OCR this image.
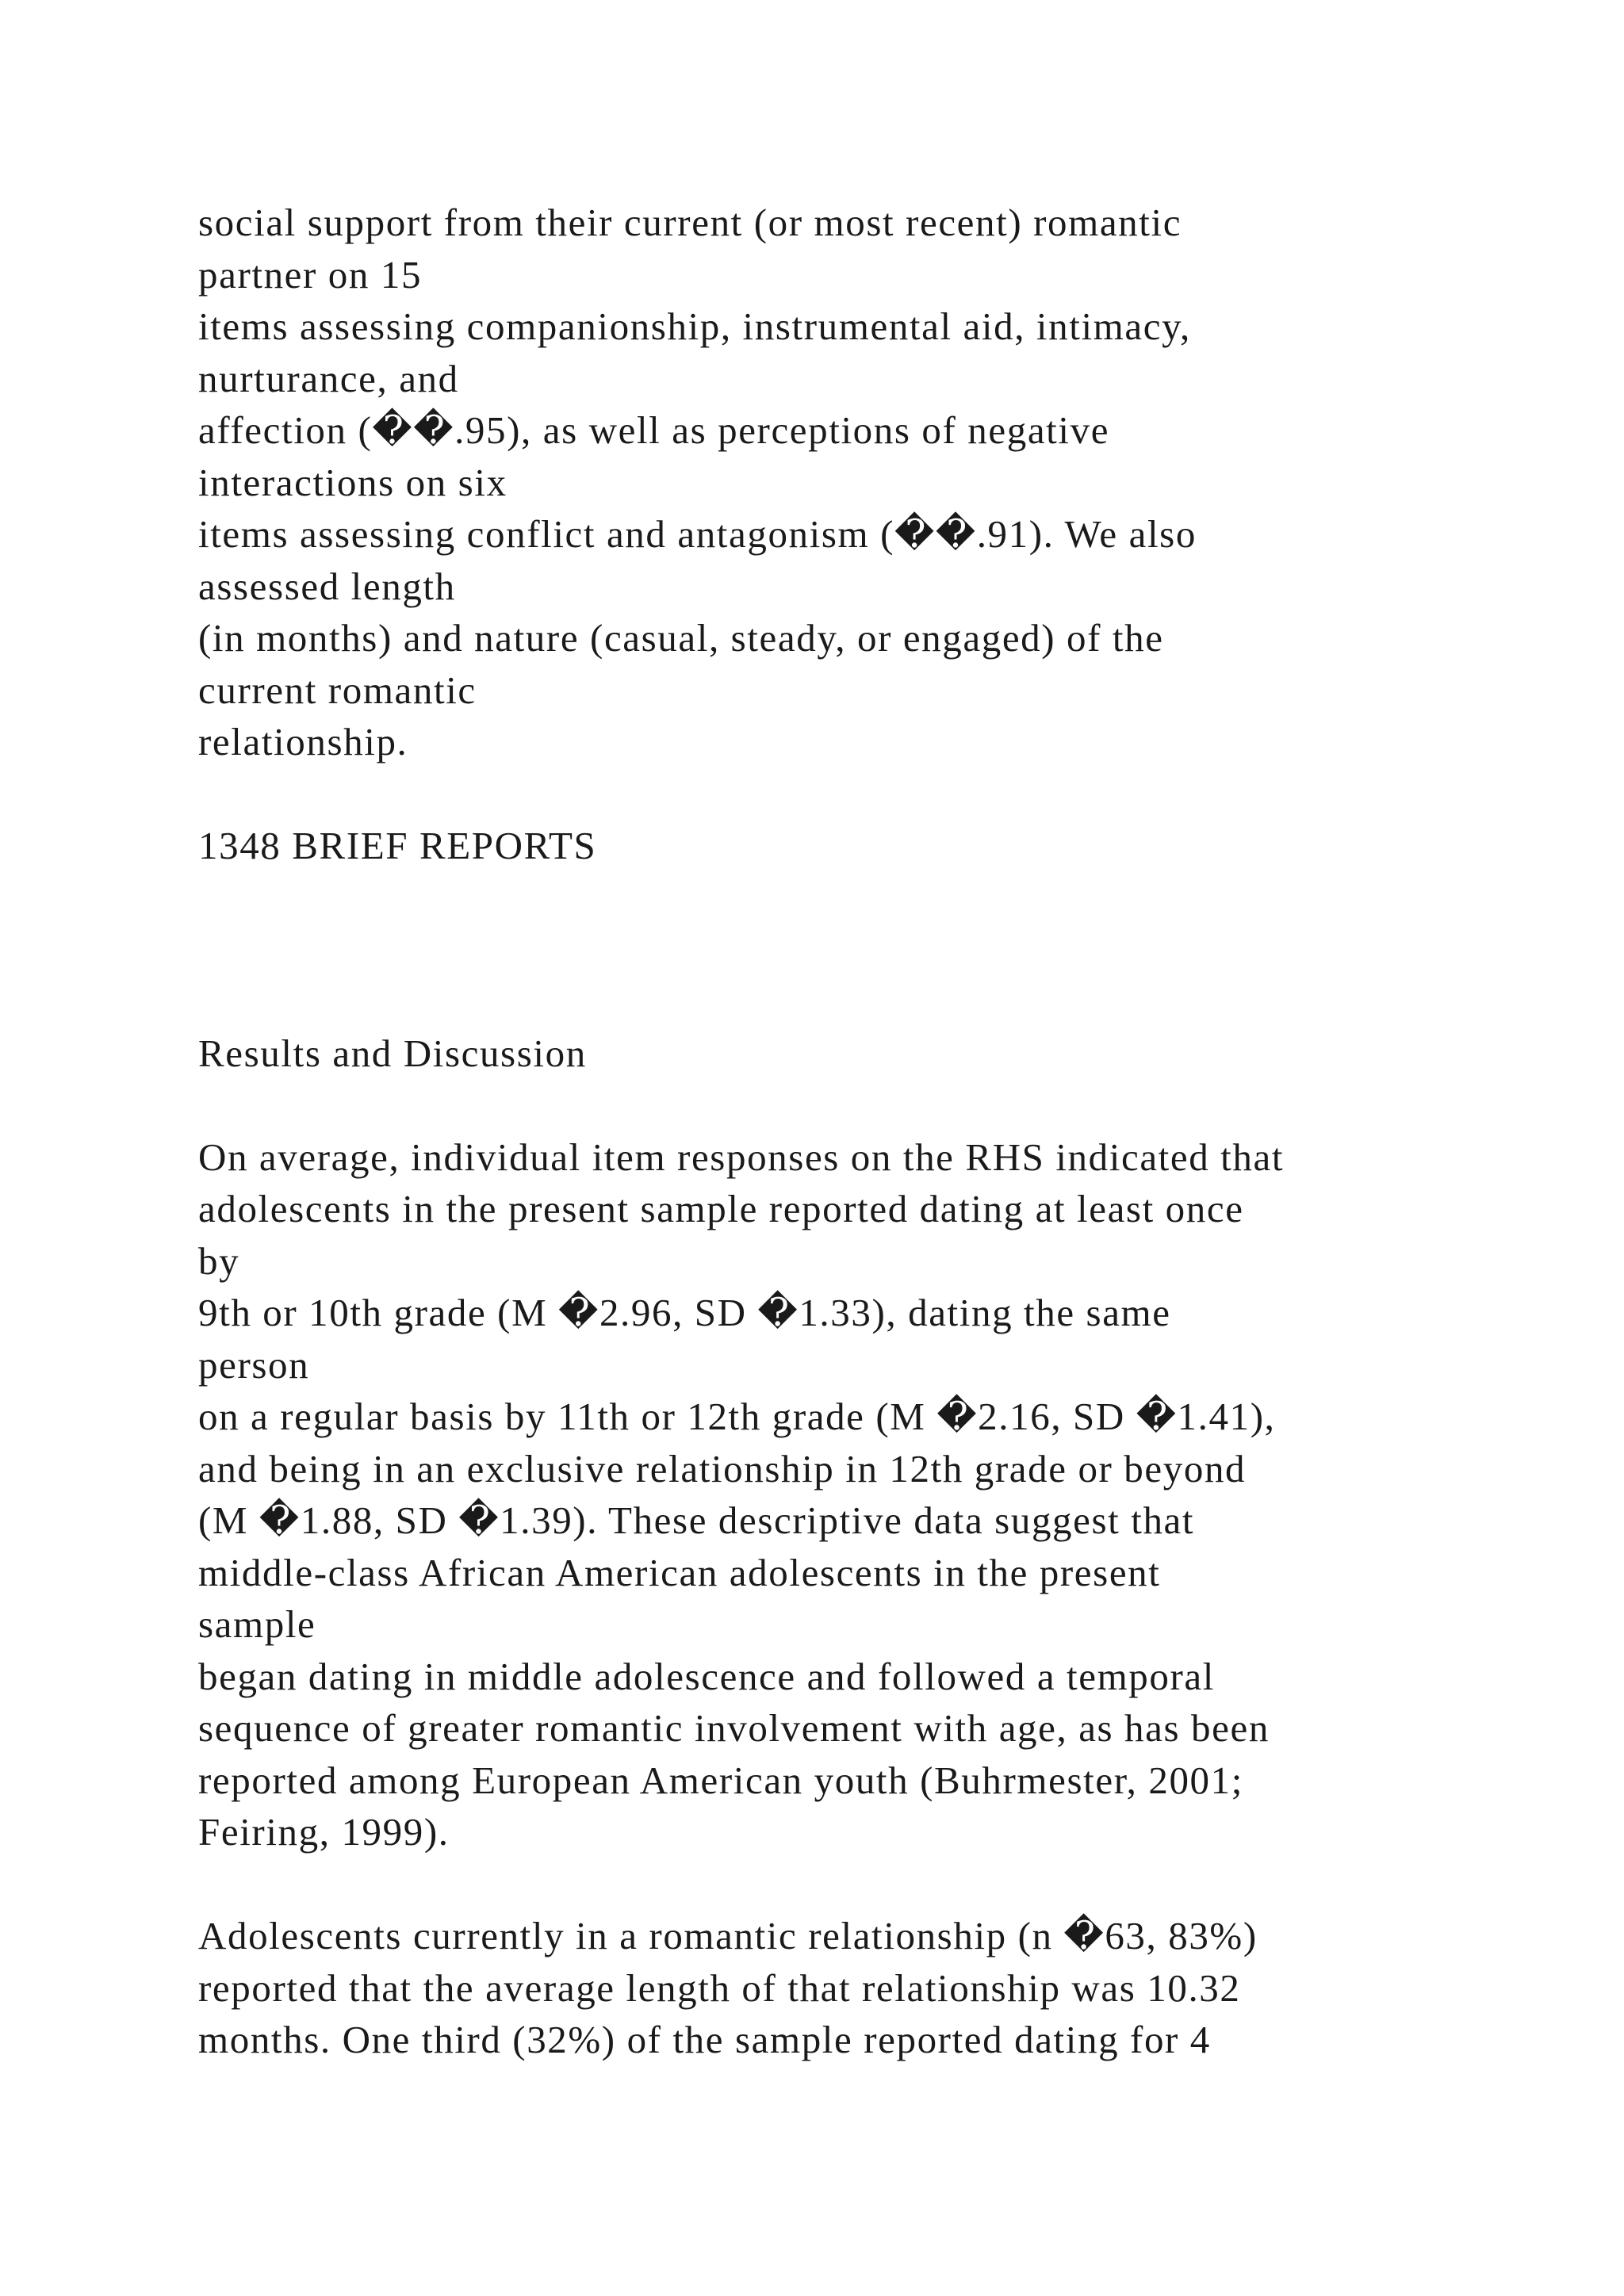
social support from their current (or most recent) romantic
partner on 15
items assessing companionship, instrumental aid, intimacy,
nurturance, and
affection (��.95), as well as perceptions of negative
interactions on six
items assessing conflict and antagonism (��.91). We also
assessed length
(in months) and nature (casual, steady, or engaged) of the
current romantic
relationship.
1348 BRIEF REPORTS
Results and Discussion
On average, individual item responses on the RHS indicated that
adolescents in the present sample reported dating at least once
by
9th or 10th grade (M �2.96, SD �1.33), dating the same
person
on a regular basis by 11th or 12th grade (M �2.16, SD �1.41),
and being in an exclusive relationship in 12th grade or beyond
(M �1.88, SD �1.39). These descriptive data suggest that
middle-class African American adolescents in the present
sample
began dating in middle adolescence and followed a temporal
sequence of greater romantic involvement with age, as has been
reported among European American youth (Buhrmester, 2001;
Feiring, 1999).
Adolescents currently in a romantic relationship (n �63, 83%)
reported that the average length of that relationship was 10.32
months. One third (32%) of the sample reported dating for 4
